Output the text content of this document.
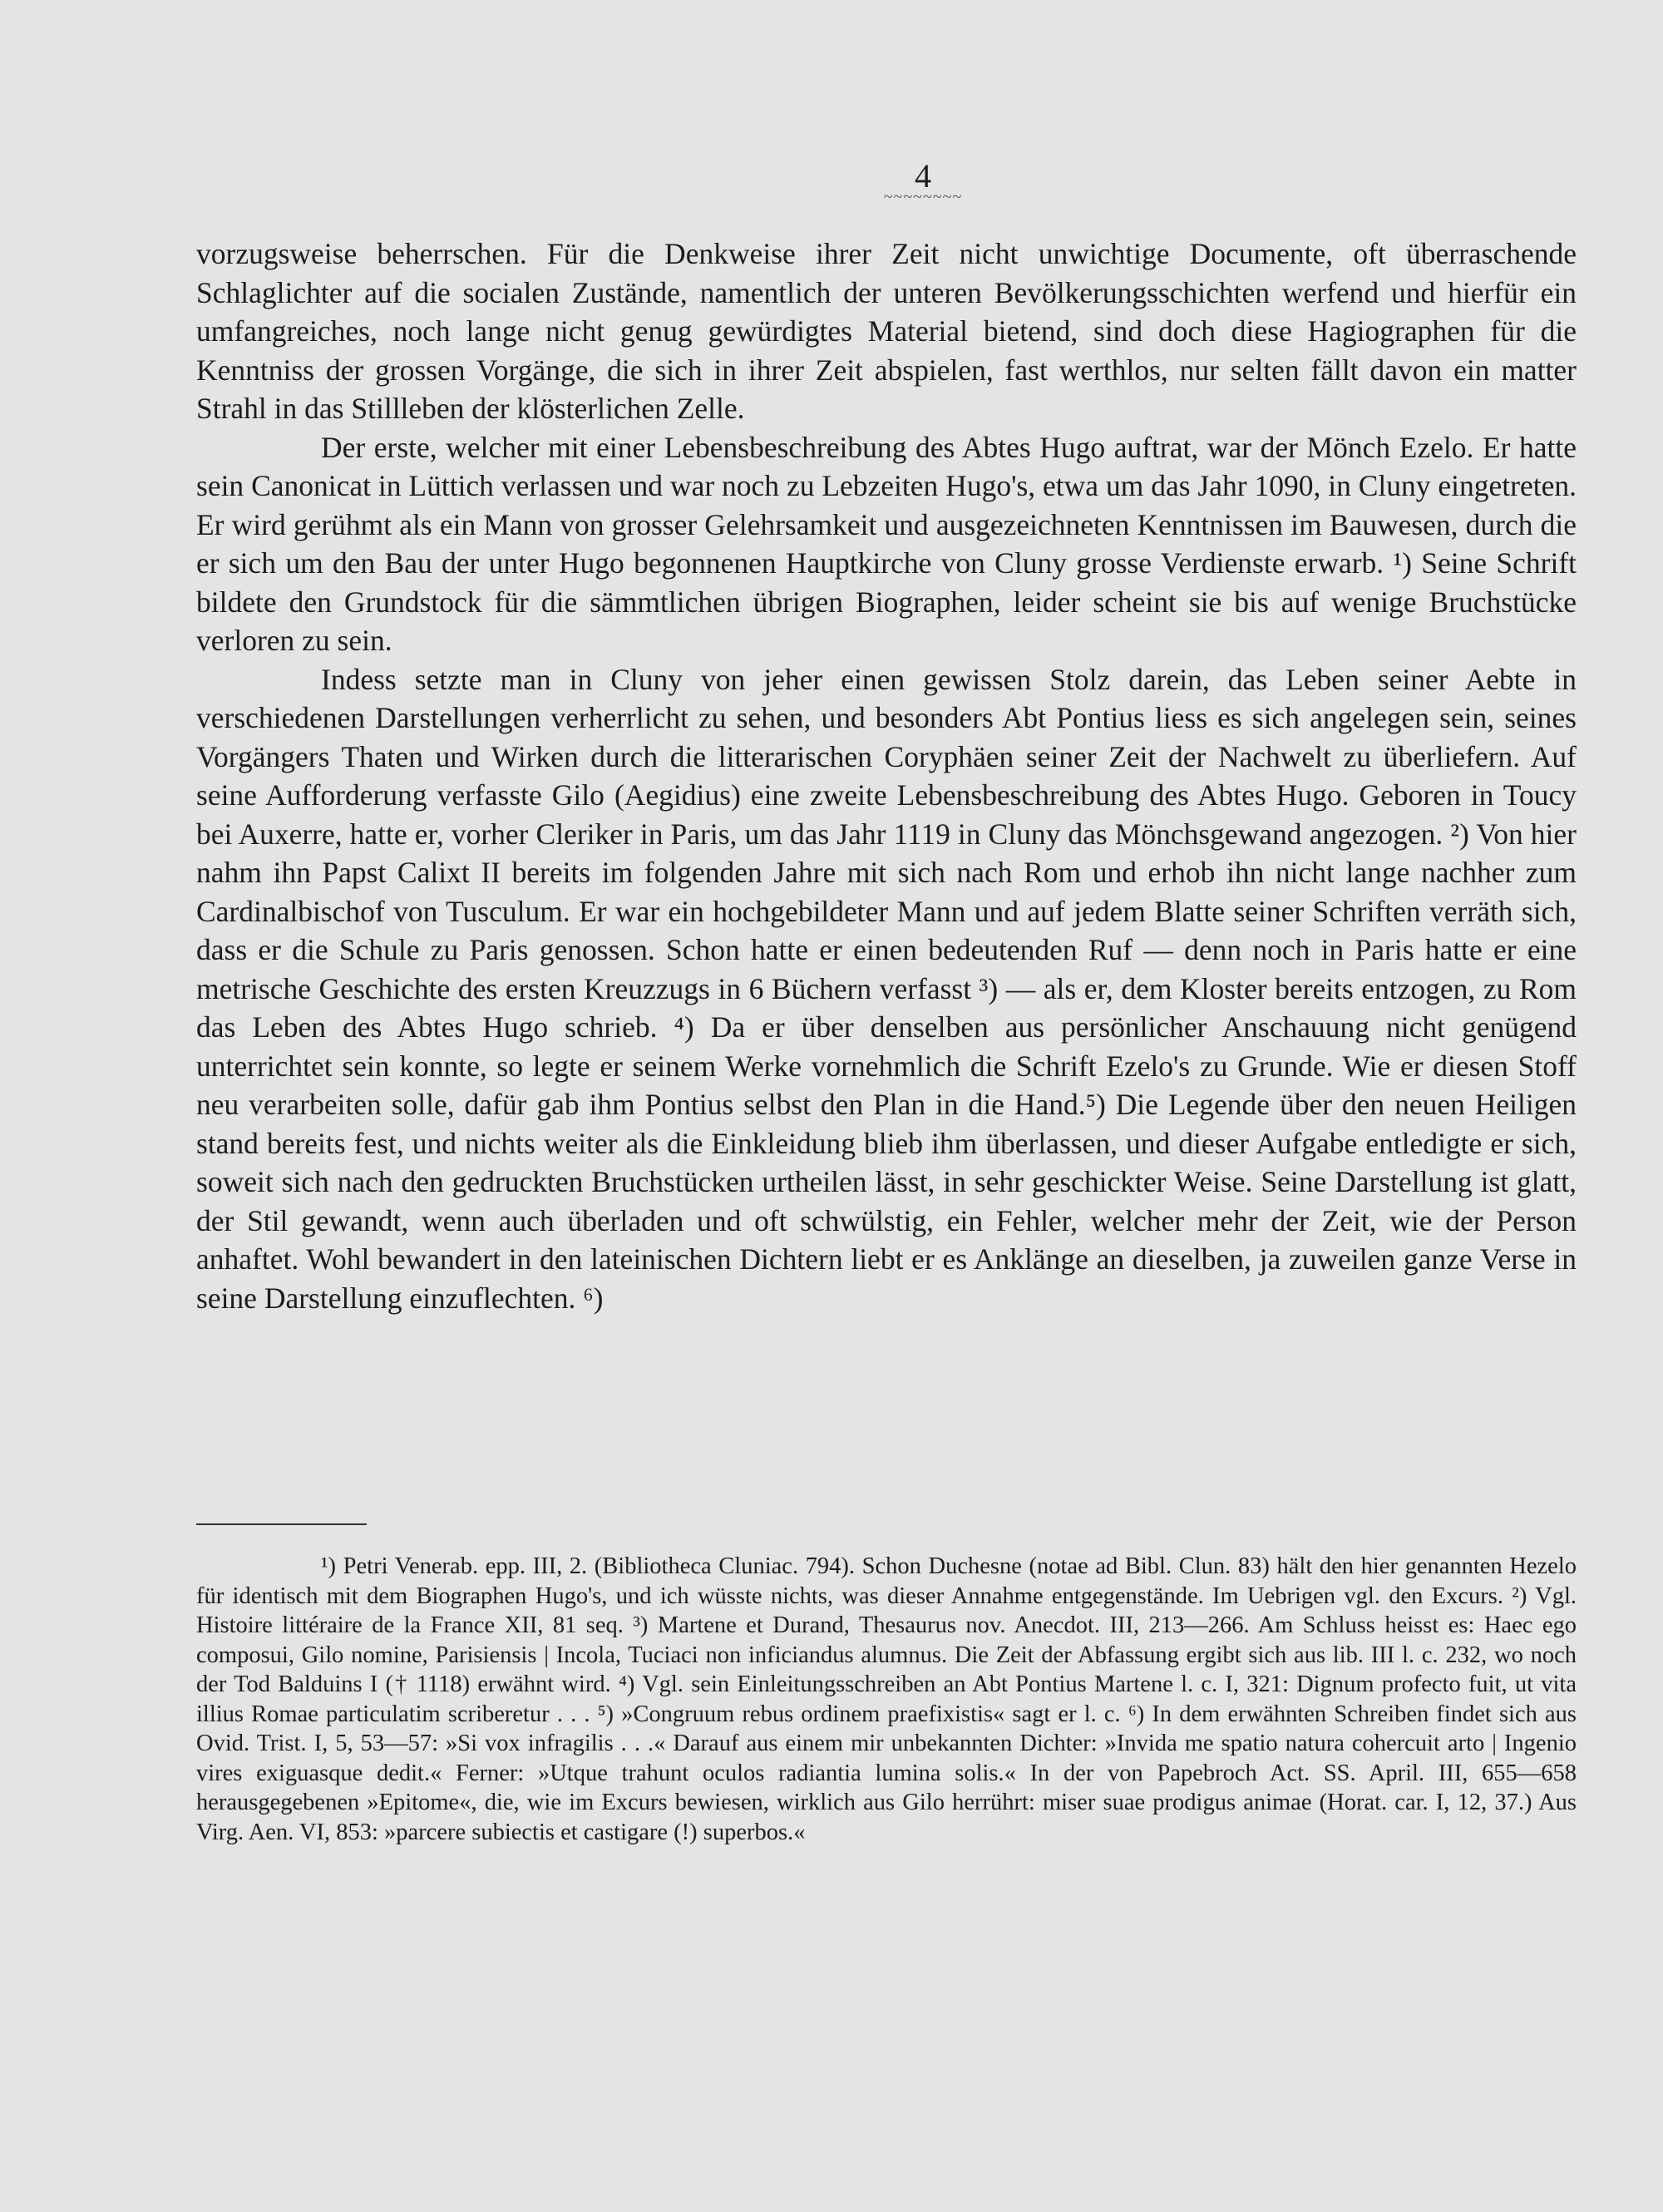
4
~~~~~~~~

vorzugsweise beherrschen. Für die Denkweise ihrer Zeit nicht unwichtige Documente, oft überraschende Schlaglichter auf die socialen Zustände, namentlich der unteren Bevölkerungsschichten werfend und hierfür ein umfangreiches, noch lange nicht genug gewürdigtes Material bietend, sind doch diese Hagiographen für die Kenntniss der grossen Vorgänge, die sich in ihrer Zeit abspielen, fast werthlos, nur selten fällt davon ein matter Strahl in das Stillleben der klösterlichen Zelle.

Der erste, welcher mit einer Lebensbeschreibung des Abtes Hugo auftrat, war der Mönch Ezelo. Er hatte sein Canonicat in Lüttich verlassen und war noch zu Lebzeiten Hugo's, etwa um das Jahr 1090, in Cluny eingetreten. Er wird gerühmt als ein Mann von grosser Gelehrsamkeit und ausgezeichneten Kenntnissen im Bauwesen, durch die er sich um den Bau der unter Hugo begonnenen Hauptkirche von Cluny grosse Verdienste erwarb. ¹) Seine Schrift bildete den Grundstock für die sämmtlichen übrigen Biographen, leider scheint sie bis auf wenige Bruchstücke verloren zu sein.

Indess setzte man in Cluny von jeher einen gewissen Stolz darein, das Leben seiner Aebte in verschiedenen Darstellungen verherrlicht zu sehen, und besonders Abt Pontius liess es sich angelegen sein, seines Vorgängers Thaten und Wirken durch die litterarischen Coryphäen seiner Zeit der Nachwelt zu überliefern. Auf seine Aufforderung verfasste Gilo (Aegidius) eine zweite Lebensbeschreibung des Abtes Hugo. Geboren in Toucy bei Auxerre, hatte er, vorher Cleriker in Paris, um das Jahr 1119 in Cluny das Mönchsgewand angezogen. ²) Von hier nahm ihn Papst Calixt II bereits im folgenden Jahre mit sich nach Rom und erhob ihn nicht lange nachher zum Cardinalbischof von Tusculum. Er war ein hochgebildeter Mann und auf jedem Blatte seiner Schriften verräth sich, dass er die Schule zu Paris genossen. Schon hatte er einen bedeutenden Ruf — denn noch in Paris hatte er eine metrische Geschichte des ersten Kreuzzugs in 6 Büchern verfasst ³) — als er, dem Kloster bereits entzogen, zu Rom das Leben des Abtes Hugo schrieb. ⁴) Da er über denselben aus persönlicher Anschauung nicht genügend unterrichtet sein konnte, so legte er seinem Werke vornehmlich die Schrift Ezelo's zu Grunde. Wie er diesen Stoff neu verarbeiten solle, dafür gab ihm Pontius selbst den Plan in die Hand.⁵) Die Legende über den neuen Heiligen stand bereits fest, und nichts weiter als die Einkleidung blieb ihm überlassen, und dieser Aufgabe entledigte er sich, soweit sich nach den gedruckten Bruchstücken urtheilen lässt, in sehr geschickter Weise. Seine Darstellung ist glatt, der Stil gewandt, wenn auch überladen und oft schwülstig, ein Fehler, welcher mehr der Zeit, wie der Person anhaftet. Wohl bewandert in den lateinischen Dichtern liebt er es Anklänge an dieselben, ja zuweilen ganze Verse in seine Darstellung einzuflechten. ⁶)

¹) Petri Venerab. epp. III, 2. (Bibliotheca Cluniac. 794). Schon Duchesne (notae ad Bibl. Clun. 83) hält den hier genannten Hezelo für identisch mit dem Biographen Hugo's, und ich wüsste nichts, was dieser Annahme entgegenstände. Im Uebrigen vgl. den Excurs. ²) Vgl. Histoire littéraire de la France XII, 81 seq. ³) Martene et Durand, Thesaurus nov. Anecdot. III, 213—266. Am Schluss heisst es: Haec ego composui, Gilo nomine, Parisiensis | Incola, Tuciaci non inficiandus alumnus. Die Zeit der Abfassung ergibt sich aus lib. III l. c. 232, wo noch der Tod Balduins I († 1118) erwähnt wird. ⁴) Vgl. sein Einleitungsschreiben an Abt Pontius Martene l. c. I, 321: Dignum profecto fuit, ut vita illius Romae particulatim scriberetur . . . ⁵) »Congruum rebus ordinem praefixistis« sagt er l. c. ⁶) In dem erwähnten Schreiben findet sich aus Ovid. Trist. I, 5, 53—57: »Si vox infragilis . . .« Darauf aus einem mir unbekannten Dichter: »Invida me spatio natura cohercuit arto | Ingenio vires exiguasque dedit.« Ferner: »Utque trahunt oculos radiantia lumina solis.« In der von Papebroch Act. SS. April. III, 655—658 herausgegebenen »Epitome«, die, wie im Excurs bewiesen, wirklich aus Gilo herrührt: miser suae prodigus animae (Horat. car. I, 12, 37.) Aus Virg. Aen. VI, 853: »parcere subiectis et castigare (!) superbos.«
